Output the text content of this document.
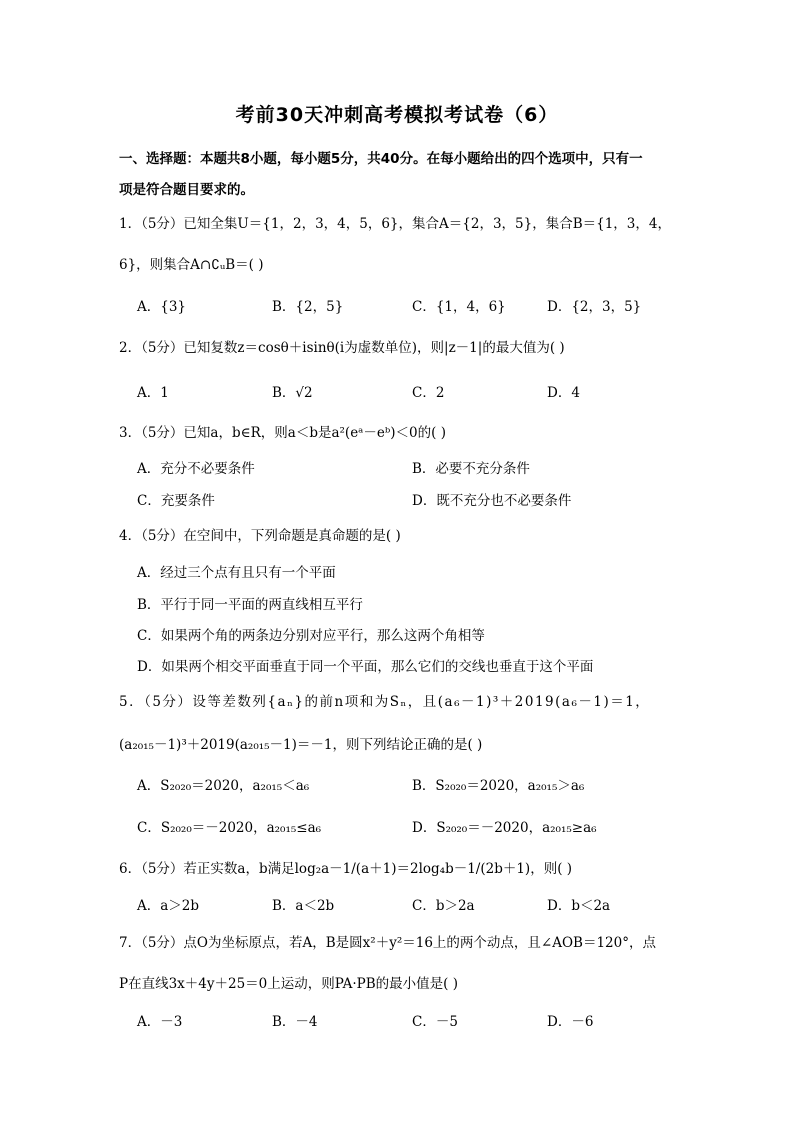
考前30天冲刺高考模拟考试卷（6）
一、选择题：本题共8小题，每小题5分，共40分。在每小题给出的四个选项中，只有一
项是符合题目要求的。
1．（5分）已知全集U＝{1，2，3，4，5，6}，集合A＝{2，3，5}，集合B＝{1，3，4，
6}，则集合A∩∁ᵤB＝( )
A．{3}	B．{2，5}	C．{1，4，6}	D．{2，3，5}
2．（5分）已知复数z＝cosθ＋isinθ(i为虚数单位)，则|z－1|的最大值为( )
A．1	B．√2	C．2	D．4
3．（5分）已知a，b∈R，则a＜b是a²(eᵃ－eᵇ)＜0的( )
A．充分不必要条件	B．必要不充分条件
C．充要条件	D．既不充分也不必要条件
4．（5分）在空间中，下列命题是真命题的是( )
A．经过三个点有且只有一个平面
B．平行于同一平面的两直线相互平行
C．如果两个角的两条边分别对应平行，那么这两个角相等
D．如果两个相交平面垂直于同一个平面，那么它们的交线也垂直于这个平面
5．（5分）设等差数列{aₙ}的前n项和为Sₙ，且(a₆－1)³＋2019(a₆－1)＝1，
(a₂₀₁₅－1)³＋2019(a₂₀₁₅－1)＝－1，则下列结论正确的是( )
A．S₂₀₂₀＝2020，a₂₀₁₅＜a₆	B．S₂₀₂₀＝2020，a₂₀₁₅＞a₆
C．S₂₀₂₀＝－2020，a₂₀₁₅≤a₆	D．S₂₀₂₀＝－2020，a₂₀₁₅≥a₆
6．（5分）若正实数a，b满足log₂a－1/(a＋1)＝2log₄b－1/(2b＋1)，则( )
A．a＞2b	B．a＜2b	C．b＞2a	D．b＜2a
7．（5分）点O为坐标原点，若A，B是圆x²＋y²＝16上的两个动点，且∠AOB＝120°，点
P在直线3x＋4y＋25＝0上运动，则PA·PB的最小值是( )
A．－3	B．－4	C．－5	D．－6
